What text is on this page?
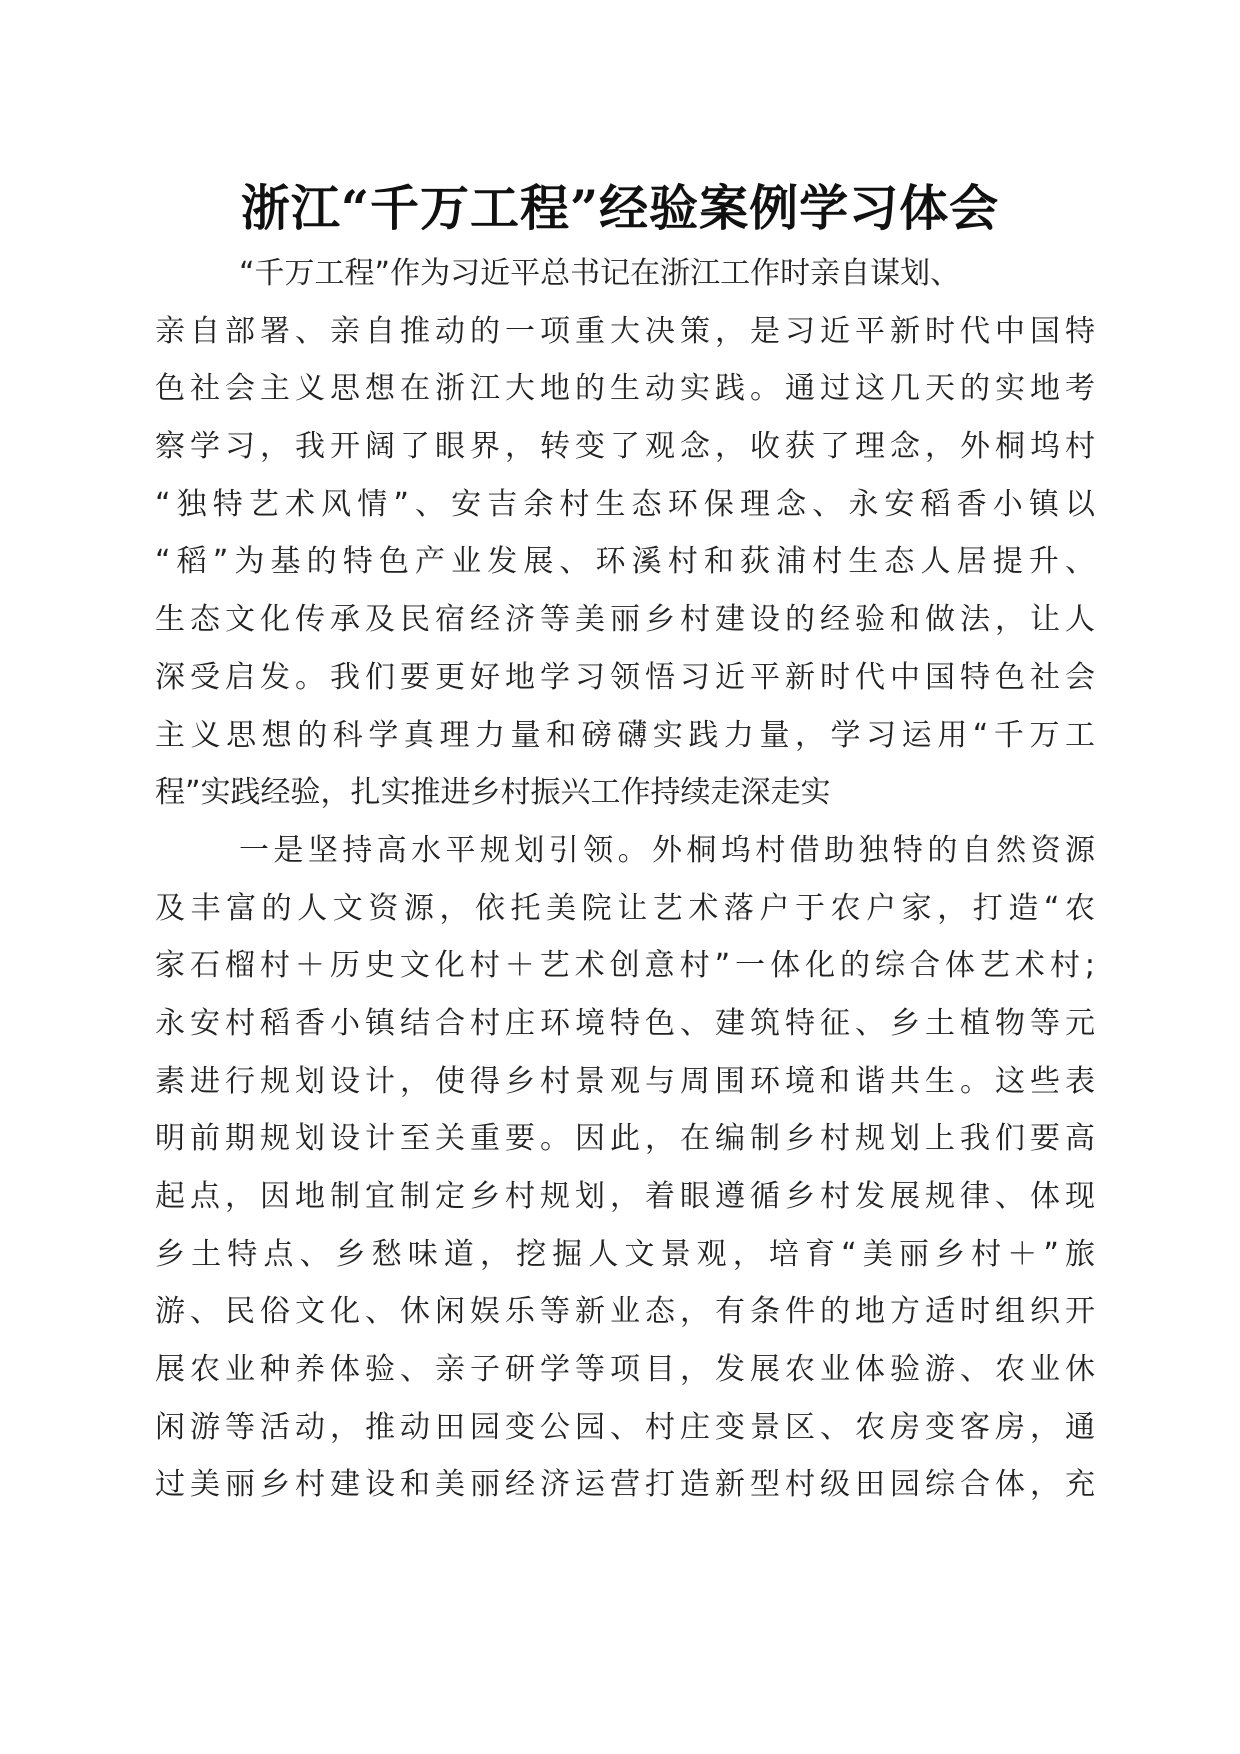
浙江“千万工程”经验案例学习体会
“千万工程”作为习近平总书记在浙江工作时亲自谋划、
亲自部署、亲自推动的一项重大决策，是习近平新时代中国特
色社会主义思想在浙江大地的生动实践。通过这几天的实地考
察学习，我开阔了眼界，转变了观念，收获了理念，外桐坞村
“独特艺术风情”、安吉余村生态环保理念、永安稻香小镇以
“稻”为基的特色产业发展、环溪村和荻浦村生态人居提升、
生态文化传承及民宿经济等美丽乡村建设的经验和做法，让人
深受启发。我们要更好地学习领悟习近平新时代中国特色社会
主义思想的科学真理力量和磅礴实践力量，学习运用“千万工
程”实践经验，扎实推进乡村振兴工作持续走深走实
一是坚持高水平规划引领。外桐坞村借助独特的自然资源
及丰富的人文资源，依托美院让艺术落户于农户家，打造“农
家石榴村＋历史文化村＋艺术创意村”一体化的综合体艺术村;
永安村稻香小镇结合村庄环境特色、建筑特征、乡土植物等元
素进行规划设计，使得乡村景观与周围环境和谐共生。这些表
明前期规划设计至关重要。因此，在编制乡村规划上我们要高
起点，因地制宜制定乡村规划，着眼遵循乡村发展规律、体现
乡土特点、乡愁味道，挖掘人文景观，培育“美丽乡村＋”旅
游、民俗文化、休闲娱乐等新业态，有条件的地方适时组织开
展农业种养体验、亲子研学等项目，发展农业体验游、农业休
闲游等活动，推动田园变公园、村庄变景区、农房变客房，通
过美丽乡村建设和美丽经济运营打造新型村级田园综合体，充
